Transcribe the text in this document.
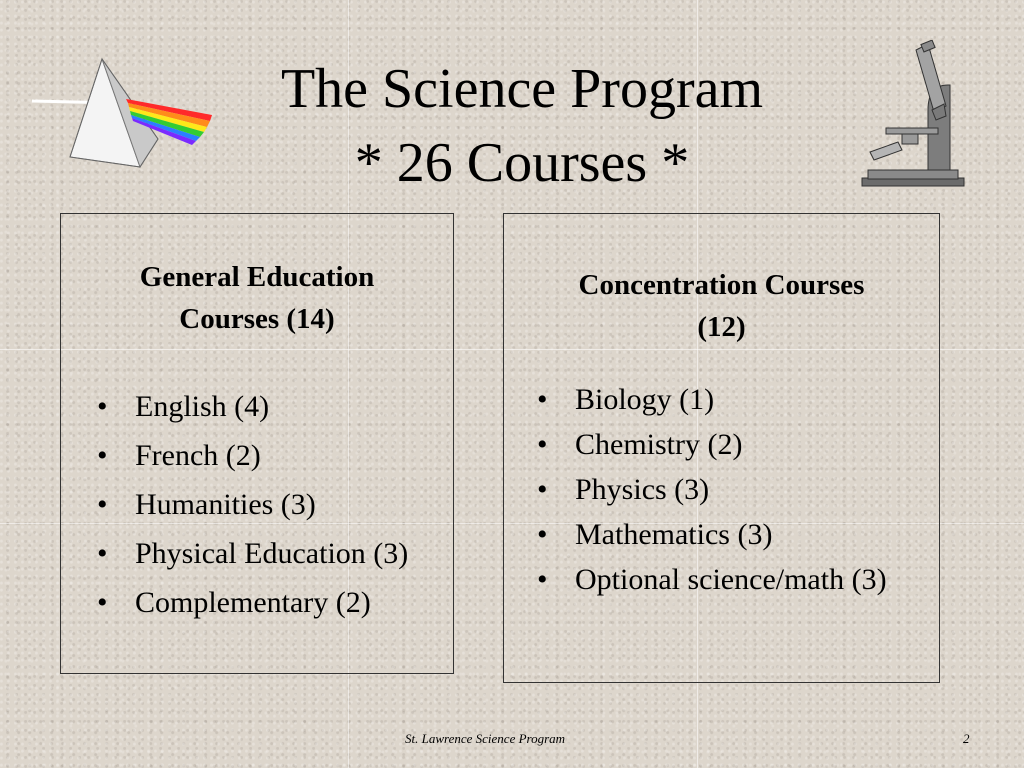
The Science Program
* 26 Courses *
General Education
Courses (14)
• English (4)
• French (2)
• Humanities (3)
• Physical Education (3)
• Complementary (2)
Concentration Courses
(12)
• Biology (1)
• Chemistry (2)
• Physics (3)
• Mathematics (3)
• Optional science/math (3)
St. Lawrence Science Program	2
